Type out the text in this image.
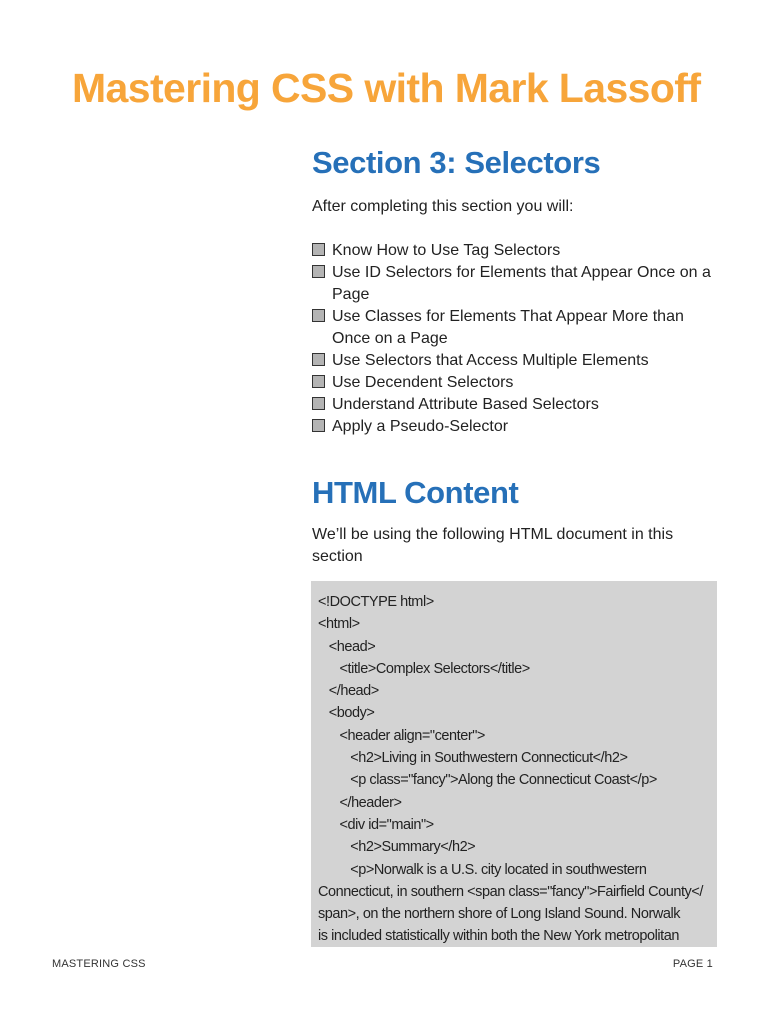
Mastering CSS with Mark Lassoff
Section 3: Selectors

After completing this section you will:

Know How to Use Tag Selectors
Use ID Selectors for Elements that Appear Once on a Page
Use Classes for Elements That Appear More than Once on a Page
Use Selectors that Access Multiple Elements
Use Decendent Selectors
Understand Attribute Based Selectors
Apply a Pseudo-Selector
HTML Content

We’ll be using the following HTML document in this section

<!DOCTYPE html>
<html>
<head>
<title>Complex Selectors</title>
</head>
<body>
<header align="center">
<h2>Living in Southwestern Connecticut</h2>
<p class="fancy">Along the Connecticut Coast</p>
</header>
<div id="main">
<h2>Summary</h2>
<p>Norwalk is a U.S. city located in southwestern
Connecticut, in southern <span class="fancy">Fairfield County</
span>, on the northern shore of Long Island Sound. Norwalk
is included statistically within both the New York metropolitan
MASTERING CSS	PAGE 1
